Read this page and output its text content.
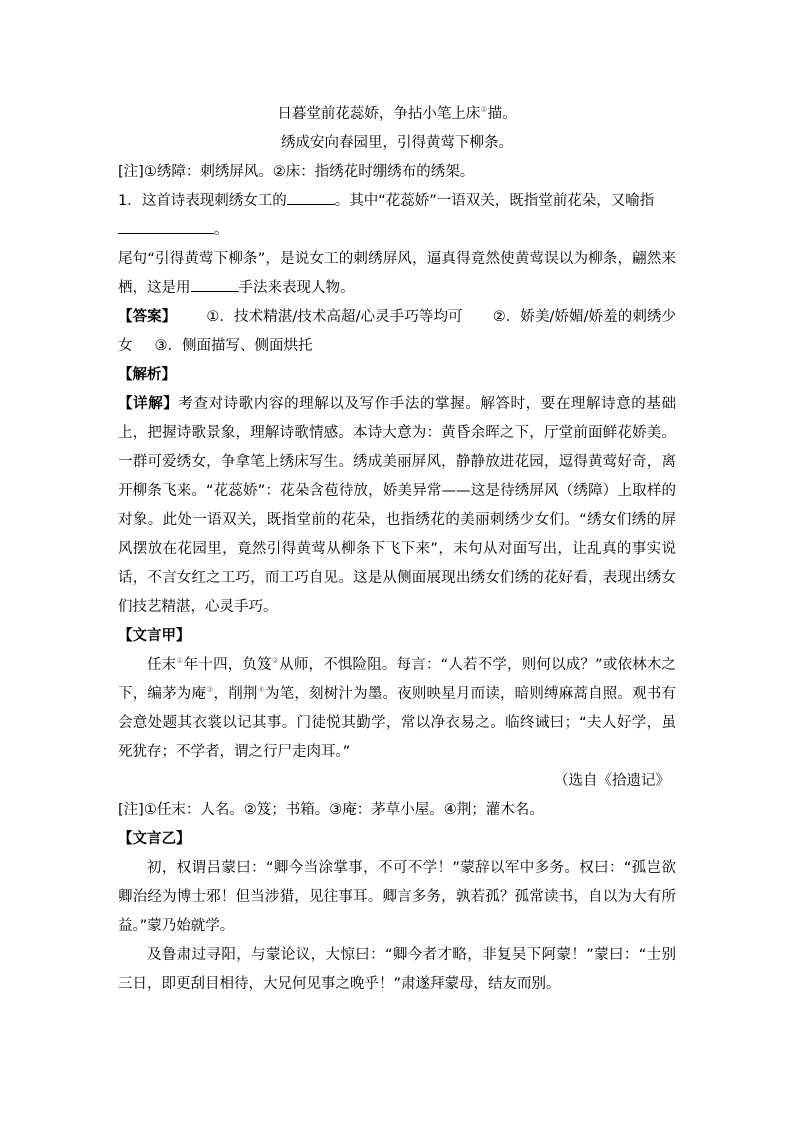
日暮堂前花蕊娇，争拈小笔上床②描。
绣成安向春园里，引得黄莺下柳条。

[注]①绣障：刺绣屏风。②床：指绣花时绷绣布的绣架。

1．这首诗表现刺绣女工的	。其中“花蕊娇”一语双关，既指堂前花朵，又喻指
。

尾句“引得黄莺下柳条”，是说女工的刺绣屏风，逼真得竟然使黄莺误以为柳条，翩然来栖，这是用	手法来表现人物。

【答案】 ①．技术精湛/技术高超/心灵手巧等均可 ②．娇美/娇媚/娇羞的刺绣少女 ③．侧面描写、侧面烘托

【解析】

【详解】考查对诗歌内容的理解以及写作手法的掌握。解答时，要在理解诗意的基础上，把握诗歌景象，理解诗歌情感。本诗大意为：黄昏余晖之下，厅堂前面鲜花娇美。一群可爱绣女，争拿笔上绣床写生。绣成美丽屏风，静静放进花园，逗得黄莺好奇，离开柳条飞来。“花蕊娇”：花朵含苞待放，娇美异常——这是待绣屏风（绣障）上取样的对象。此处一语双关，既指堂前的花朵，也指绣花的美丽刺绣少女们。“绣女们绣的屏风摆放在花园里，竟然引得黄莺从柳条下飞下来”，末句从对面写出，让乱真的事实说话，不言女红之工巧，而工巧自见。这是从侧面展现出绣女们绣的花好看，表现出绣女们技艺精湛，心灵手巧。

【文言甲】

任末①年十四，负笈②从师，不惧险阻。每言：“人若不学，则何以成？”或依林木之下，编茅为庵③，削荆④为笔，刻树汁为墨。夜则映星月而读，暗则缚麻蒿自照。观书有会意处题其衣裳以记其事。门徒悦其勤学，常以净衣易之。临终诫曰；“夫人好学，虽死犹存；不学者，谓之行尸走肉耳。”

（选自《拾遗记》

[注]①任末：人名。②笈；书箱。③庵：茅草小屋。④荆；灌木名。

【文言乙】

初，权谓吕蒙曰：“卿今当涂掌事，不可不学！”蒙辞以军中多务。权曰：“孤岂欲卿治经为博士邪！但当涉猎，见往事耳。卿言多务，孰若孤？孤常读书，自以为大有所益。”蒙乃始就学。

及鲁肃过寻阳，与蒙论议，大惊曰：“卿今者才略，非复吴下阿蒙！”蒙曰：“士别三日，即更刮目相待，大兄何见事之晚乎！”肃遂拜蒙母，结友而别。
